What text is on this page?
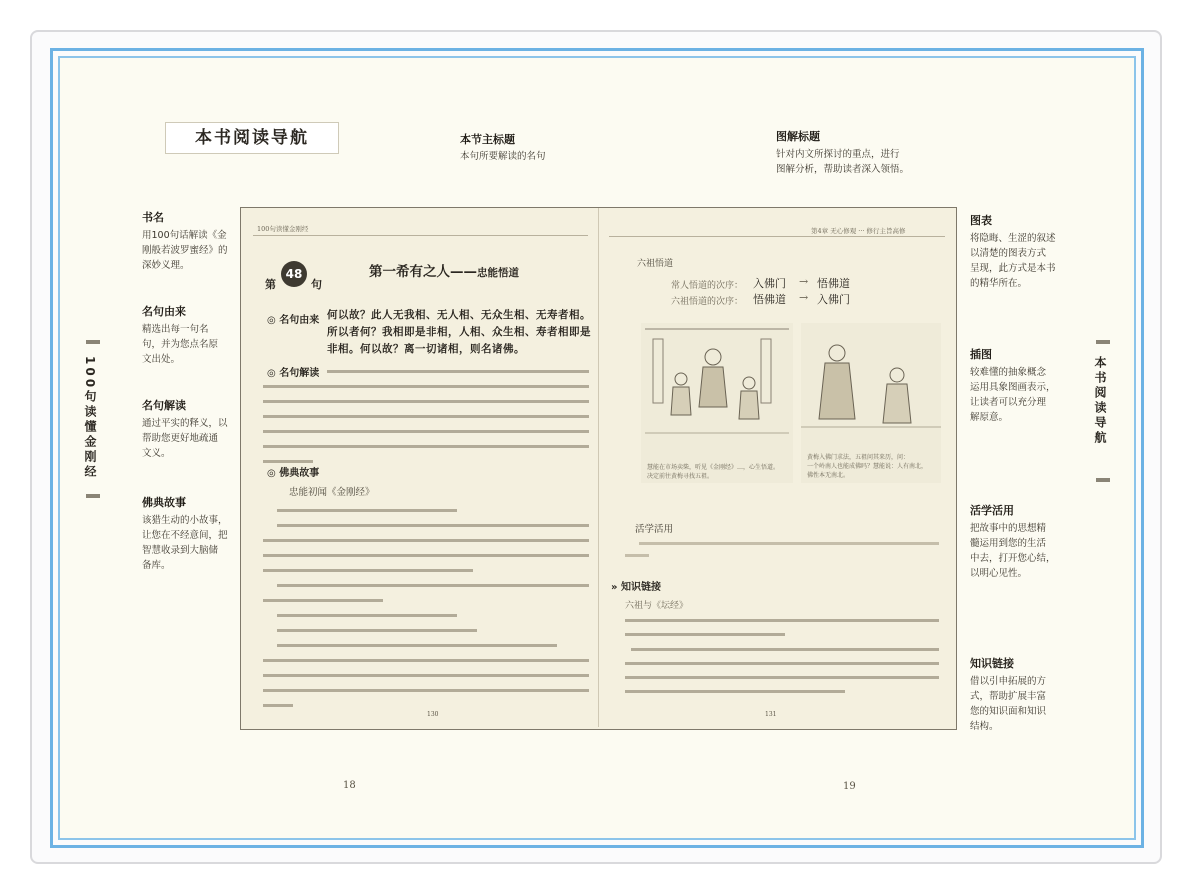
本书阅读导航
100句读懂金刚经	本书阅读导航
书名
用100句话解读《金
刚般若波罗蜜经》的
深妙义理。
名句由来
精选出每一句名
句，并为您点名原
文出处。
名句解读
通过平实的释义，以
帮助您更好地疏通
文义。
佛典故事
该猎生动的小故事，
让您在不经意间，把
智慧收录到大脑储
备库。
本节主标题
本句所要解读的名句
图解标题
针对内文所探讨的重点，进行
图解分析，帮助读者深入领悟。
图表
将隐晦、生涩的叙述
以清楚的图表方式
呈现，此方式是本书
的精华所在。
插图
较难懂的抽象概念
运用具象图画表示，
让读者可以充分理
解原意。
活学活用
把故事中的思想精
髓运用到您的生活
中去，打开您心结，
以明心见性。
知识链接
借以引申拓展的方
式，帮助扩展丰富
您的知识面和知识
结构。
100句读懂金刚经
第
48
句
第一希有之人——忠能悟道
◎ 名句由来 何以故？此人无我相、无人相、无众生相、无寿者相。
所以者何？我相即是非相，人相、众生相、寿者相即是
非相。何以故？离一切诸相，则名诸佛。
◎ 名句解读
◎ 佛典故事
忠能初闻《金刚经》
130
第4章 无心修观 ··· 修行主旨高修
六祖悟道
常人悟道的次序： 入佛门 → 悟佛道
六祖悟道的次序： 悟佛道 → 入佛门
慧能在市场卖柴，听见《金刚经》…，心生悟道。
决定前往黄梅寻找五祖。
黄梅入佛门求法，五祖问其来历，问：
一个岭南人也能成佛吗？慧能说：人有南北，
佛性本无南北。
活学活用
» 知识链接
六祖与《坛经》
131
18	19
